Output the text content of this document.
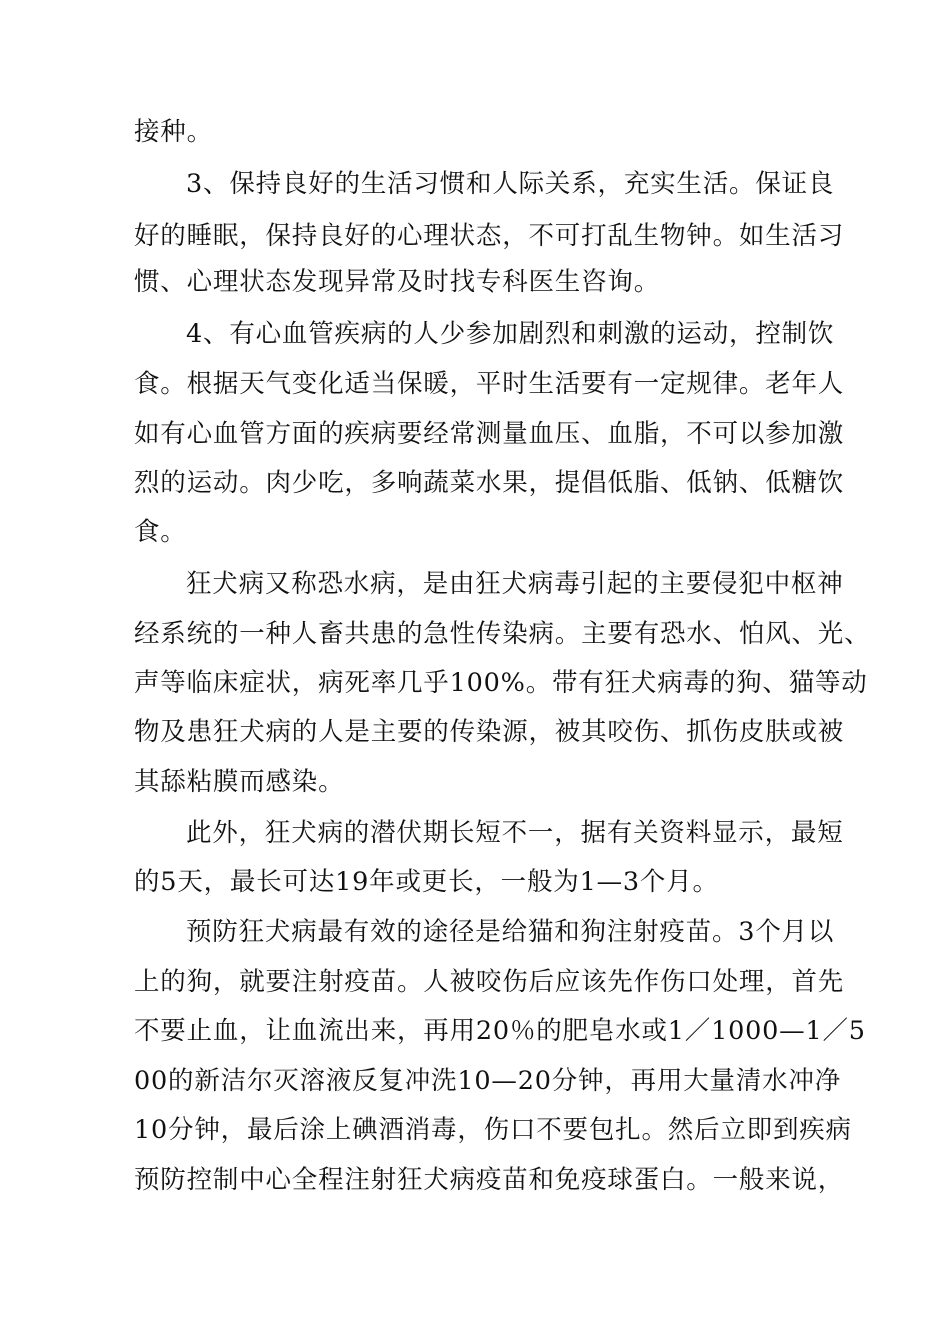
接种。
3、保持良好的生活习惯和人际关系，充实生活。保证良
好的睡眠，保持良好的心理状态，不可打乱生物钟。如生活习
惯、心理状态发现异常及时找专科医生咨询。
4、有心血管疾病的人少参加剧烈和刺激的运动，控制饮
食。根据天气变化适当保暖，平时生活要有一定规律。老年人
如有心血管方面的疾病要经常测量血压、血脂，不可以参加激
烈的运动。肉少吃，多响蔬菜水果，提倡低脂、低钠、低糖饮
食。
狂犬病又称恐水病，是由狂犬病毒引起的主要侵犯中枢神
经系统的一种人畜共患的急性传染病。主要有恐水、怕风、光、
声等临床症状，病死率几乎100%。带有狂犬病毒的狗、猫等动
物及患狂犬病的人是主要的传染源，被其咬伤、抓伤皮肤或被
其舔粘膜而感染。
此外，狂犬病的潜伏期长短不一，据有关资料显示，最短
的5天，最长可达19年或更长，一般为1—3个月。
预防狂犬病最有效的途径是给猫和狗注射疫苗。3个月以
上的狗，就要注射疫苗。人被咬伤后应该先作伤口处理，首先
不要止血，让血流出来，再用20％的肥皂水或1／1000—1／5
00的新洁尔灭溶液反复冲洗10—20分钟，再用大量清水冲净
10分钟，最后涂上碘酒消毒，伤口不要包扎。然后立即到疾病
预防控制中心全程注射狂犬病疫苗和免疫球蛋白。一般来说，
